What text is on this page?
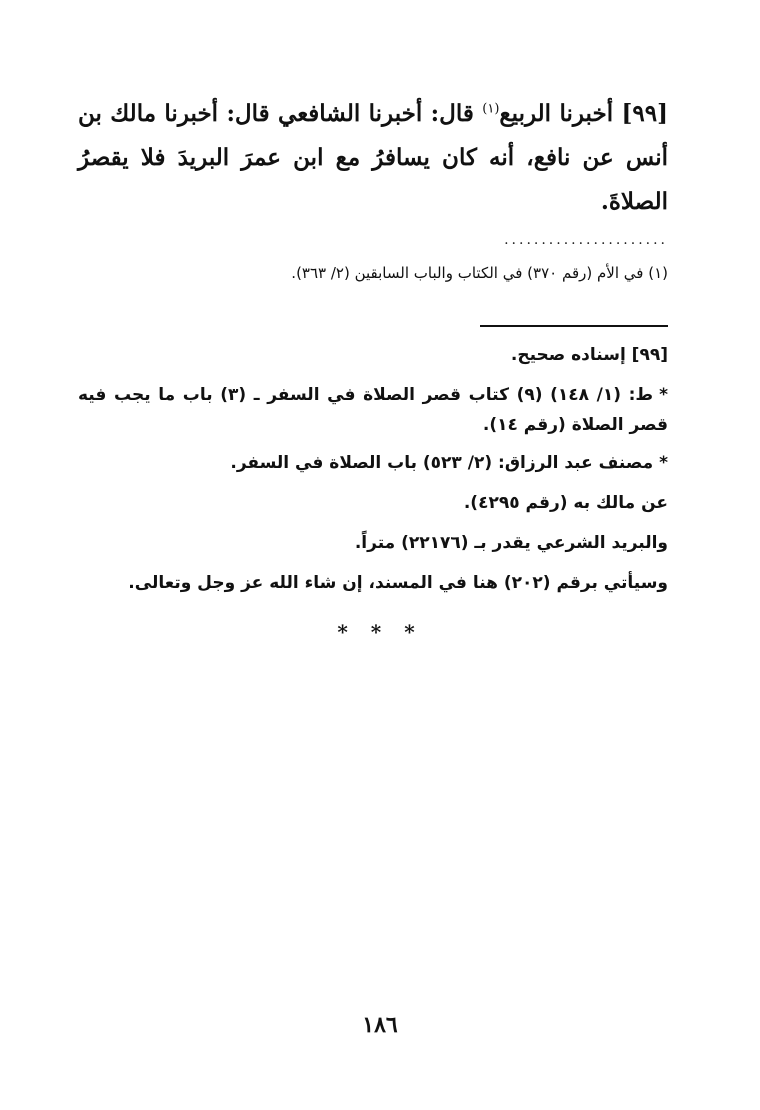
[٩٩] أخبرنا الربيع$^{(١)}$ قال: أخبرنا الشافعي قال: أخبرنا مالك بن أنس عن نافع، أنه كان يسافرُ مع ابن عمرَ البريدَ فلا يقصرُ الصلاةَ.
......................
(١) في الأم (رقم ٣٧٠) في الكتاب والباب السابقين (٢/ ٣٦٣).
[٩٩] إسناده صحيح.
*ط: (١/ ١٤٨) (٩) كتاب قصر الصلاة في السفر ـ (٣) باب ما يجب فيه قصر الصلاة (رقم ١٤).
*مصنف عبد الرزاق: (٢/ ٥٢٣) باب الصلاة في السفر.
عن مالك به (رقم ٤٢٩٥).
والبريد الشرعي يقدر بـ (٢٢١٧٦) متراً.
وسيأتي برقم (٢٠٢) هنا في المسند، إن شاء الله عز وجل وتعالى.
* * *
١٨٦
